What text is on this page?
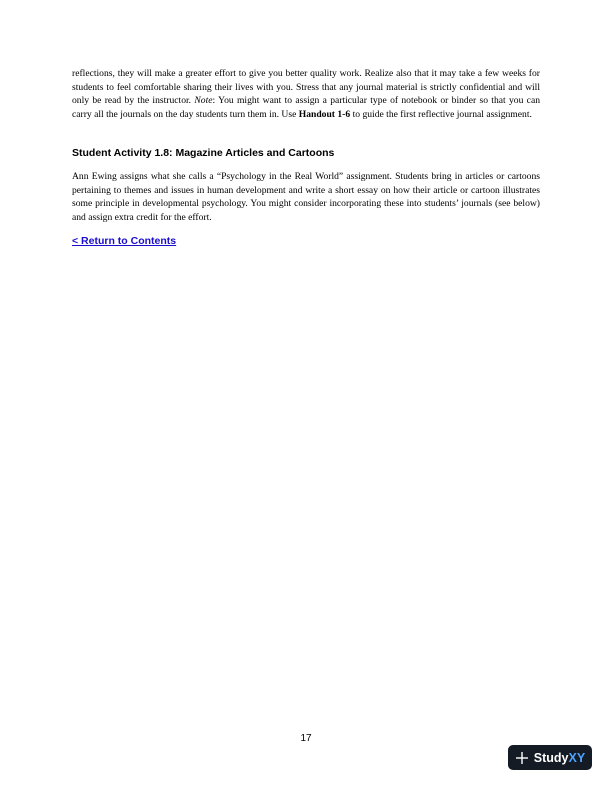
reflections, they will make a greater effort to give you better quality work. Realize also that it may take a few weeks for students to feel comfortable sharing their lives with you. Stress that any journal material is strictly confidential and will only be read by the instructor. Note: You might want to assign a particular type of notebook or binder so that you can carry all the journals on the day students turn them in. Use Handout 1-6 to guide the first reflective journal assignment.

Student Activity 1.8: Magazine Articles and Cartoons

Ann Ewing assigns what she calls a “Psychology in the Real World” assignment. Students bring in articles or cartoons pertaining to themes and issues in human development and write a short essay on how their article or cartoon illustrates some principle in developmental psychology. You might consider incorporating these into students’ journals (see below) and assign extra credit for the effort.

< Return to Contents
17
StudyXY
